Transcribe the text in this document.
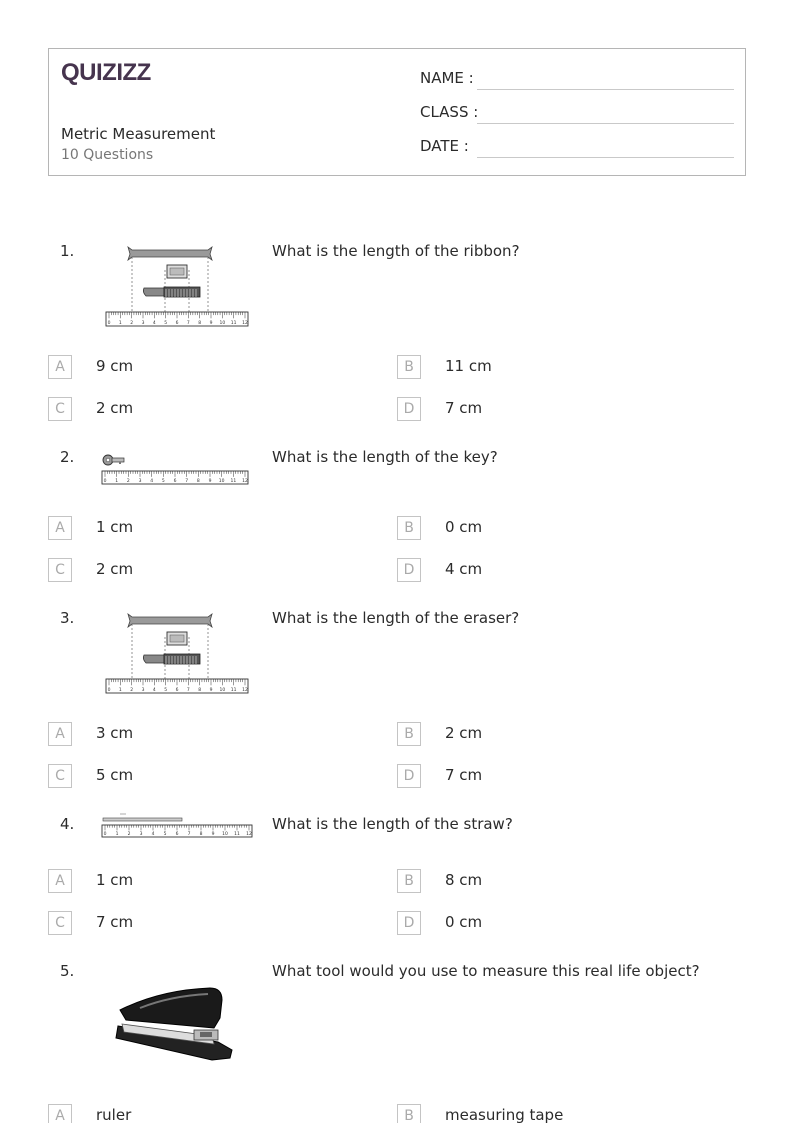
QUIZIZZ
Metric Measurement
10 Questions
NAME :
CLASS :
DATE :
1.
0 1 2 3 4 5 6 7 8 9 10 11 12
What is the length of the ribbon?
A	9 cm	B	11 cm
C	2 cm	D	7 cm
2.
0 1 2 3 4 5 6 7 8 9 10 11 12
What is the length of the key?
A	1 cm	B	0 cm
C	2 cm	D	4 cm
3.
0 1 2 3 4 5 6 7 8 9 10 11 12
What is the length of the eraser?
A	3 cm	B	2 cm
C	5 cm	D	7 cm
4.
0 1 2 3 4 5 6 7 8 9 10 11 12
What is the length of the straw?
A	1 cm	B	8 cm
C	7 cm	D	0 cm
5.	What tool would you use to measure this real life object?
A	ruler	B	measuring tape
